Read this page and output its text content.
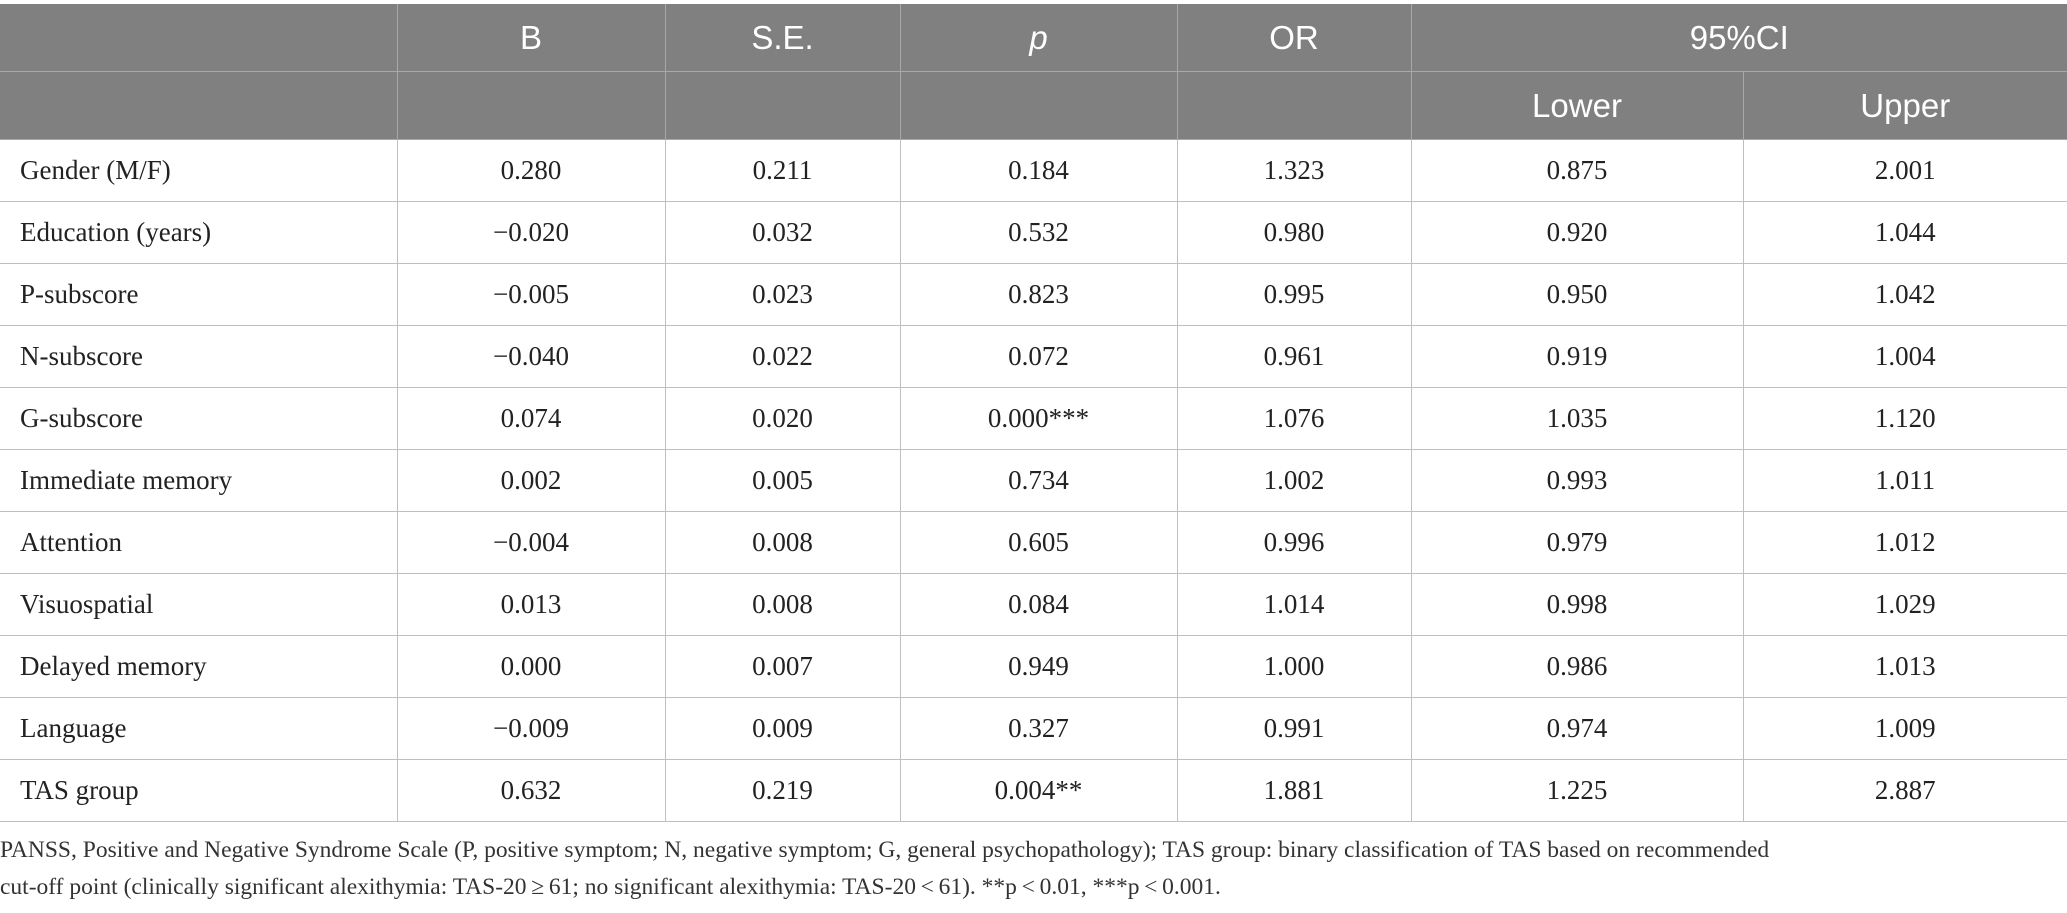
	B	S.E.	p	OR	95%CI	
					Lower	Upper
Gender (M/F)	0.280	0.211	0.184	1.323	0.875	2.001
Education (years)	−0.020	0.032	0.532	0.980	0.920	1.044
P-subscore	−0.005	0.023	0.823	0.995	0.950	1.042
N-subscore	−0.040	0.022	0.072	0.961	0.919	1.004
G-subscore	0.074	0.020	0.000***	1.076	1.035	1.120
Immediate memory	0.002	0.005	0.734	1.002	0.993	1.011
Attention	−0.004	0.008	0.605	0.996	0.979	1.012
Visuospatial	0.013	0.008	0.084	1.014	0.998	1.029
Delayed memory	0.000	0.007	0.949	1.000	0.986	1.013
Language	−0.009	0.009	0.327	0.991	0.974	1.009
TAS group	0.632	0.219	0.004**	1.881	1.225	2.887
PANSS, Positive and Negative Syndrome Scale (P, positive symptom; N, negative symptom; G, general psychopathology); TAS group: binary classification of TAS based on recommended
cut-off point (clinically significant alexithymia: TAS-20 ≥ 61; no significant alexithymia: TAS-20 < 61). **p < 0.01, ***p < 0.001.
